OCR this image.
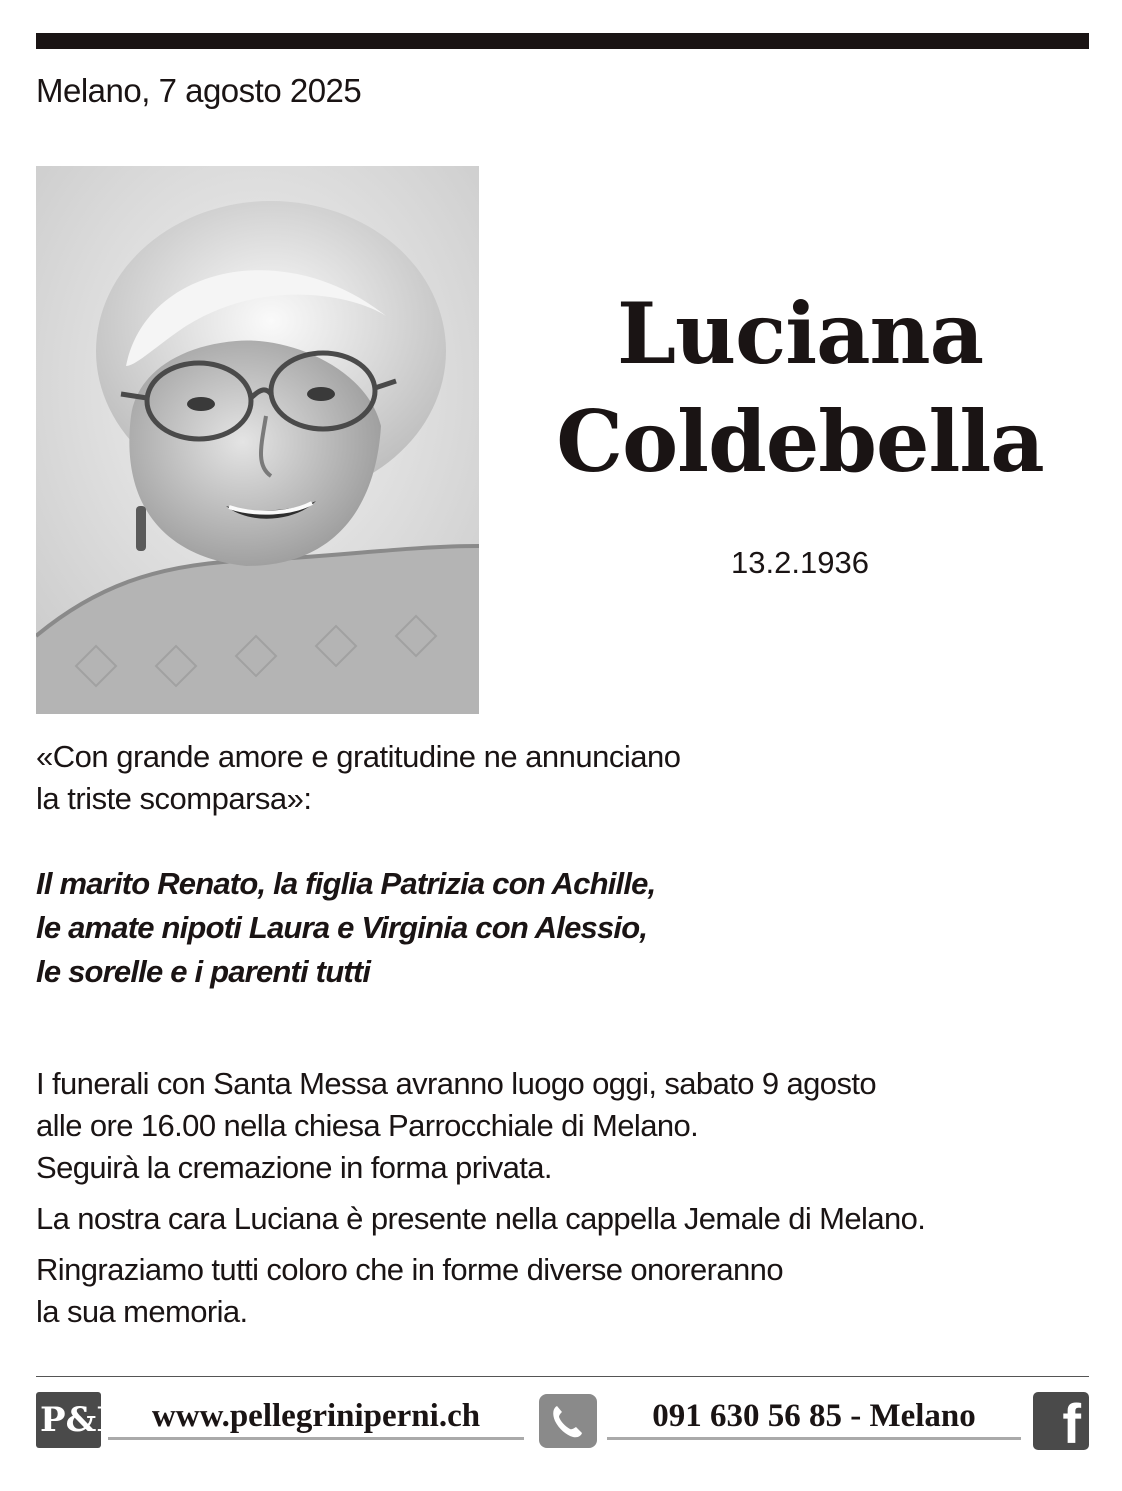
Melano, 7 agosto 2025
Luciana
Coldebella
13.2.1936
«Con grande amore e gratitudine ne annunciano
la triste scomparsa»:
Il marito Renato, la figlia Patrizia con Achille,
le amate nipoti Laura e Virginia con Alessio,
le sorelle e i parenti tutti

I funerali con Santa Messa avranno luogo oggi, sabato 9 agosto
alle ore 16.00 nella chiesa Parrocchiale di Melano.
Seguirà la cremazione in forma privata.

La nostra cara Luciana è presente nella cappella Jemale di Melano.

Ringraziamo tutti coloro che in forme diverse onoreranno
la sua memoria.

P&P www.pellegriniperni.ch	091 630 56 85 - Melano	f
